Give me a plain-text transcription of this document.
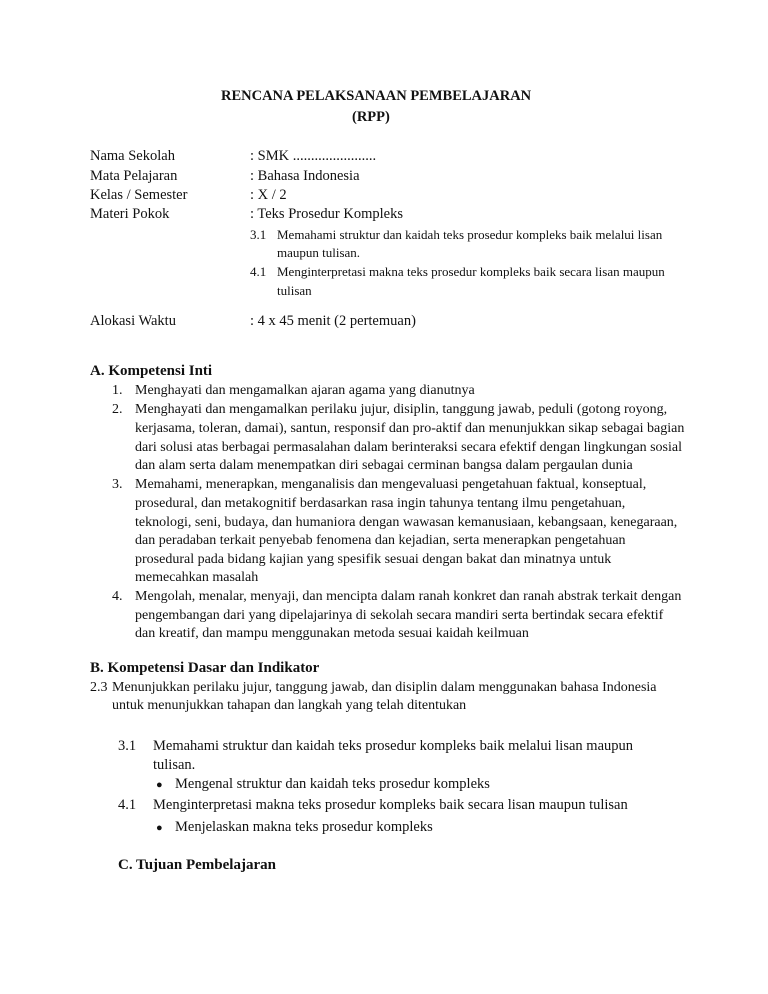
RENCANA PELAKSANAAN PEMBELAJARAN
(RPP)
Nama Sekolah	: SMK .......................
Mata Pelajaran	: Bahasa Indonesia
Kelas / Semester	: X / 2
Materi Pokok	: Teks Prosedur Kompleks
3.1 Memahami struktur dan kaidah teks prosedur kompleks baik melalui lisan
maupun tulisan.
4.1 Menginterpretasi makna teks prosedur kompleks baik secara lisan maupun
tulisan
Alokasi Waktu	: 4 x 45 menit (2 pertemuan)
A. Kompetensi Inti
1. Menghayati dan mengamalkan ajaran agama yang dianutnya
2. Menghayati dan mengamalkan perilaku jujur, disiplin, tanggung jawab, peduli (gotong royong,
kerjasama, toleran, damai), santun, responsif dan pro-aktif dan menunjukkan sikap sebagai bagian
dari solusi atas berbagai permasalahan dalam berinteraksi secara efektif dengan lingkungan sosial
dan alam serta dalam menempatkan diri sebagai cerminan bangsa dalam pergaulan dunia
3. Memahami, menerapkan, menganalisis dan mengevaluasi pengetahuan faktual, konseptual,
prosedural, dan metakognitif berdasarkan rasa ingin tahunya tentang ilmu pengetahuan,
teknologi, seni, budaya, dan humaniora dengan wawasan kemanusiaan, kebangsaan, kenegaraan,
dan peradaban terkait penyebab fenomena dan kejadian, serta menerapkan pengetahuan
prosedural pada bidang kajian yang spesifik sesuai dengan bakat dan minatnya untuk
memecahkan masalah
4. Mengolah, menalar, menyaji, dan mencipta dalam ranah konkret dan ranah abstrak terkait dengan
pengembangan dari yang dipelajarinya di sekolah secara mandiri serta bertindak secara efektif
dan kreatif, dan mampu menggunakan metoda sesuai kaidah keilmuan
B. Kompetensi Dasar dan Indikator
2.3 Menunjukkan perilaku jujur, tanggung jawab, dan disiplin dalam menggunakan bahasa Indonesia
untuk menunjukkan tahapan dan langkah yang telah ditentukan
3.1 Memahami struktur dan kaidah teks prosedur kompleks baik melalui lisan maupun
tulisan.
● Mengenal struktur dan kaidah teks prosedur kompleks
4.1 Menginterpretasi makna teks prosedur kompleks baik secara lisan maupun tulisan
● Menjelaskan makna teks prosedur kompleks
C. Tujuan Pembelajaran
